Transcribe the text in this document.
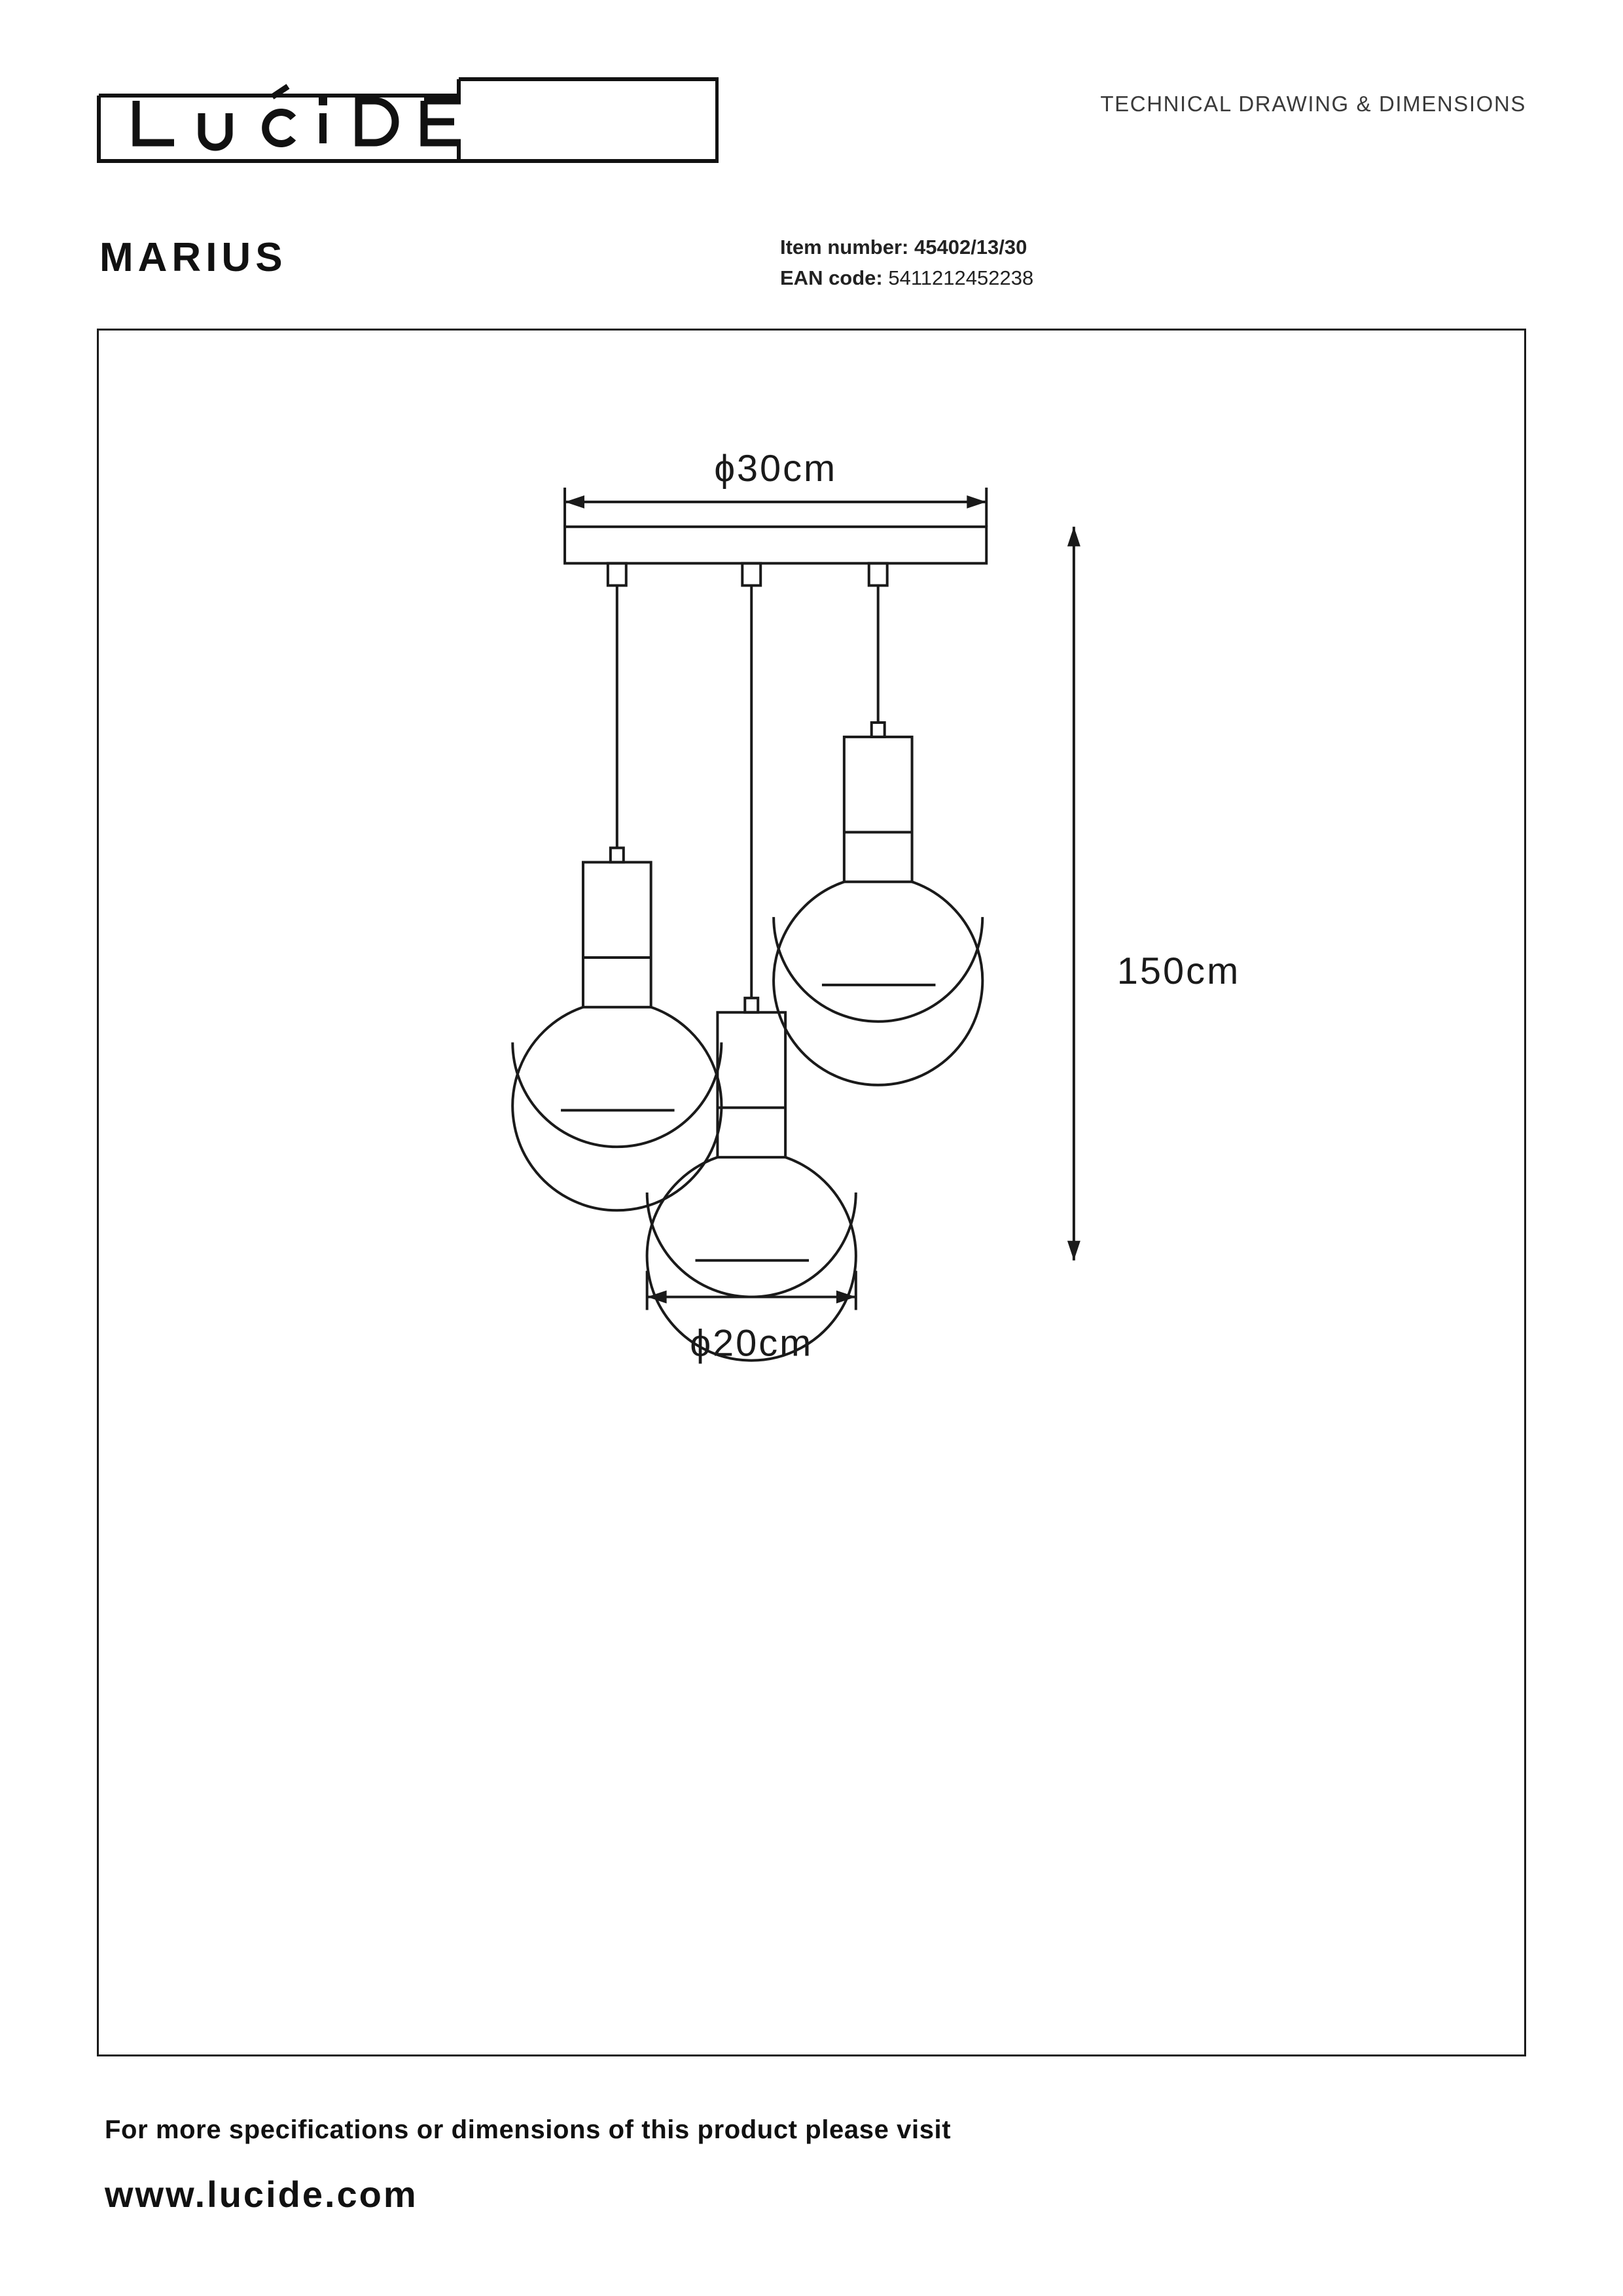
TECHNICAL DRAWING & DIMENSIONS
MARIUS	Item number: 45402/13/30
EAN code: 5411212452238
ɸ30cm
150cm
ɸ20cm
For more specifications or dimensions of this product please visit
www.lucide.com
